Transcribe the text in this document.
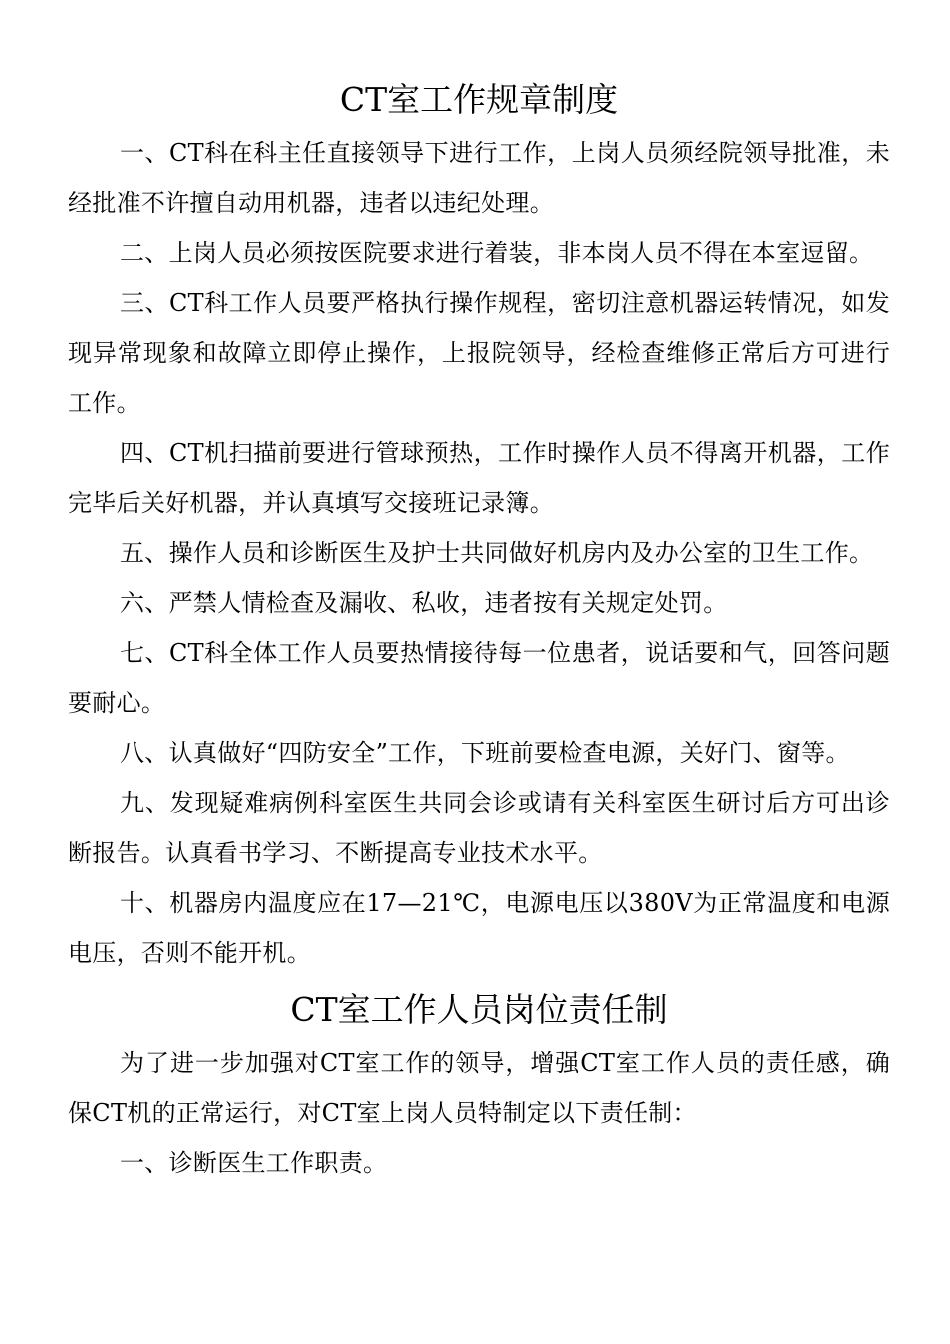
CT室工作规章制度

一、CT科在科主任直接领导下进行工作，上岗人员须经院领导批准，未经批准不许擅自动用机器，违者以违纪处理。

二、上岗人员必须按医院要求进行着装，非本岗人员不得在本室逗留。

三、CT科工作人员要严格执行操作规程，密切注意机器运转情况，如发现异常现象和故障立即停止操作，上报院领导，经检查维修正常后方可进行工作。

四、CT机扫描前要进行管球预热，工作时操作人员不得离开机器，工作完毕后关好机器，并认真填写交接班记录簿。

五、操作人员和诊断医生及护士共同做好机房内及办公室的卫生工作。

六、严禁人情检查及漏收、私收，违者按有关规定处罚。

七、CT科全体工作人员要热情接待每一位患者，说话要和气，回答问题要耐心。

八、认真做好“四防安全”工作，下班前要检查电源，关好门、窗等。

九、发现疑难病例科室医生共同会诊或请有关科室医生研讨后方可出诊断报告。认真看书学习、不断提高专业技术水平。

十、机器房内温度应在17—21℃，电源电压以380V为正常温度和电源电压，否则不能开机。

CT室工作人员岗位责任制

为了进一步加强对CT室工作的领导，增强CT室工作人员的责任感，确保CT机的正常运行，对CT室上岗人员特制定以下责任制：

一、诊断医生工作职责。
